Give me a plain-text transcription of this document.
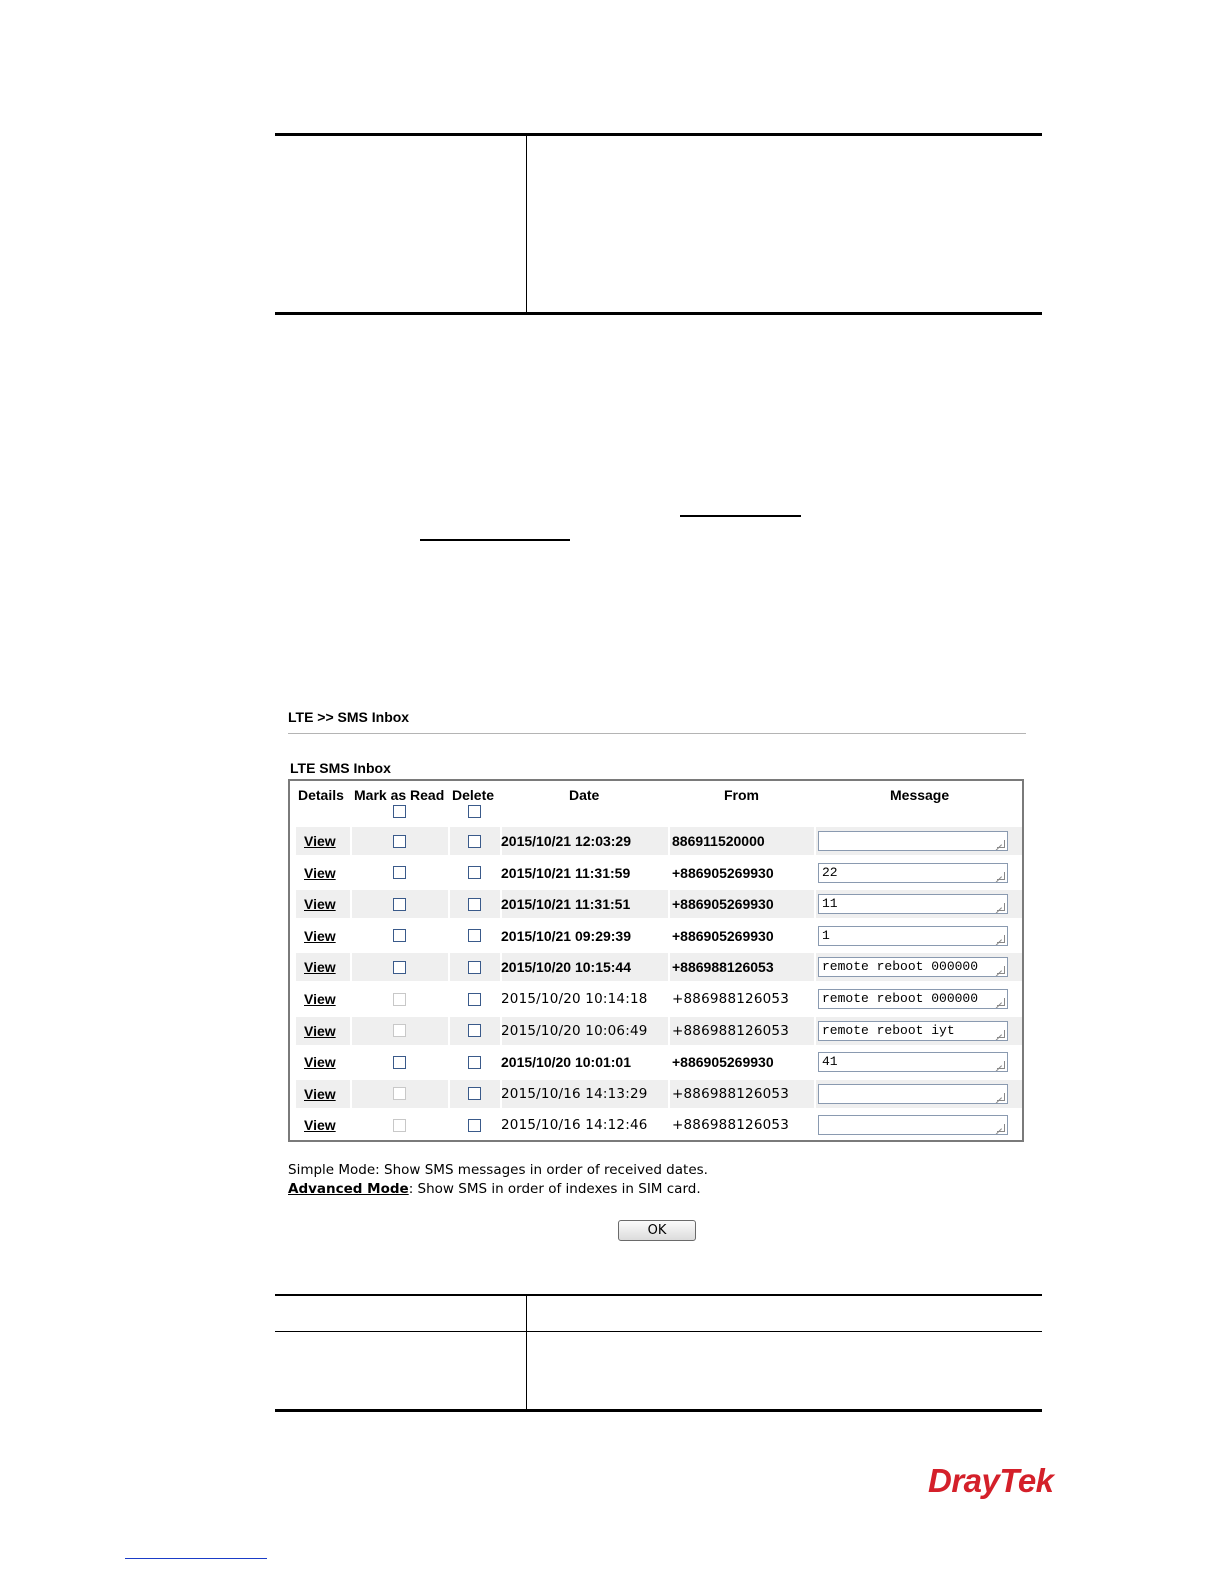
LTE >> SMS Inbox
LTE SMS Inbox
Details Mark as Read Delete	Date	From	Message
View	2015/10/21 12:03:29	886911520000
View	2015/10/21 11:31:59	+886905269930	22
View	2015/10/21 11:31:51	+886905269930	11
View	2015/10/21 09:29:39	+886905269930	1
View	2015/10/20 10:15:44	+886988126053	remote reboot 000000
View	2015/10/20 10:14:18 +886988126053	remote reboot 000000
View	2015/10/20 10:06:49 +886988126053	remote reboot iyt
View	2015/10/20 10:01:01	+886905269930	41
View	2015/10/16 14:13:29 +886988126053
View	2015/10/16 14:12:46 +886988126053
Simple Mode: Show SMS messages in order of received dates.
Advanced Mode: Show SMS in order of indexes in SIM card.
OK
DrayTek
